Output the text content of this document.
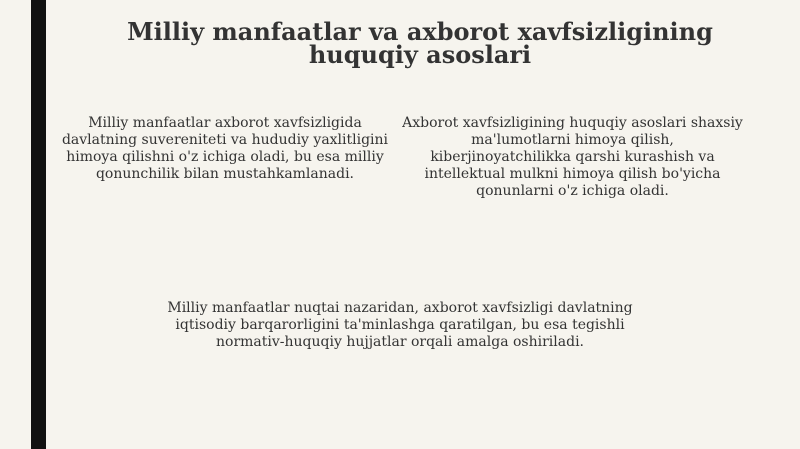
Milliy manfaatlar va axborot xavfsizligining huquqiy asoslari

Milliy manfaatlar axborot xavfsizligida davlatning suvereniteti va hududiy yaxlitligini himoya qilishni o'z ichiga oladi, bu esa milliy qonunchilik bilan mustahkamlanadi.

Axborot xavfsizligining huquqiy asoslari shaxsiy ma'lumotlarni himoya qilish, kiberjinoyatchilikka qarshi kurashish va intellektual mulkni himoya qilish bo'yicha qonunlarni o'z ichiga oladi.

Milliy manfaatlar nuqtai nazaridan, axborot xavfsizligi davlatning iqtisodiy barqarorligini ta'minlashga qaratilgan, bu esa tegishli normativ-huquqiy hujjatlar orqali amalga oshiriladi.
